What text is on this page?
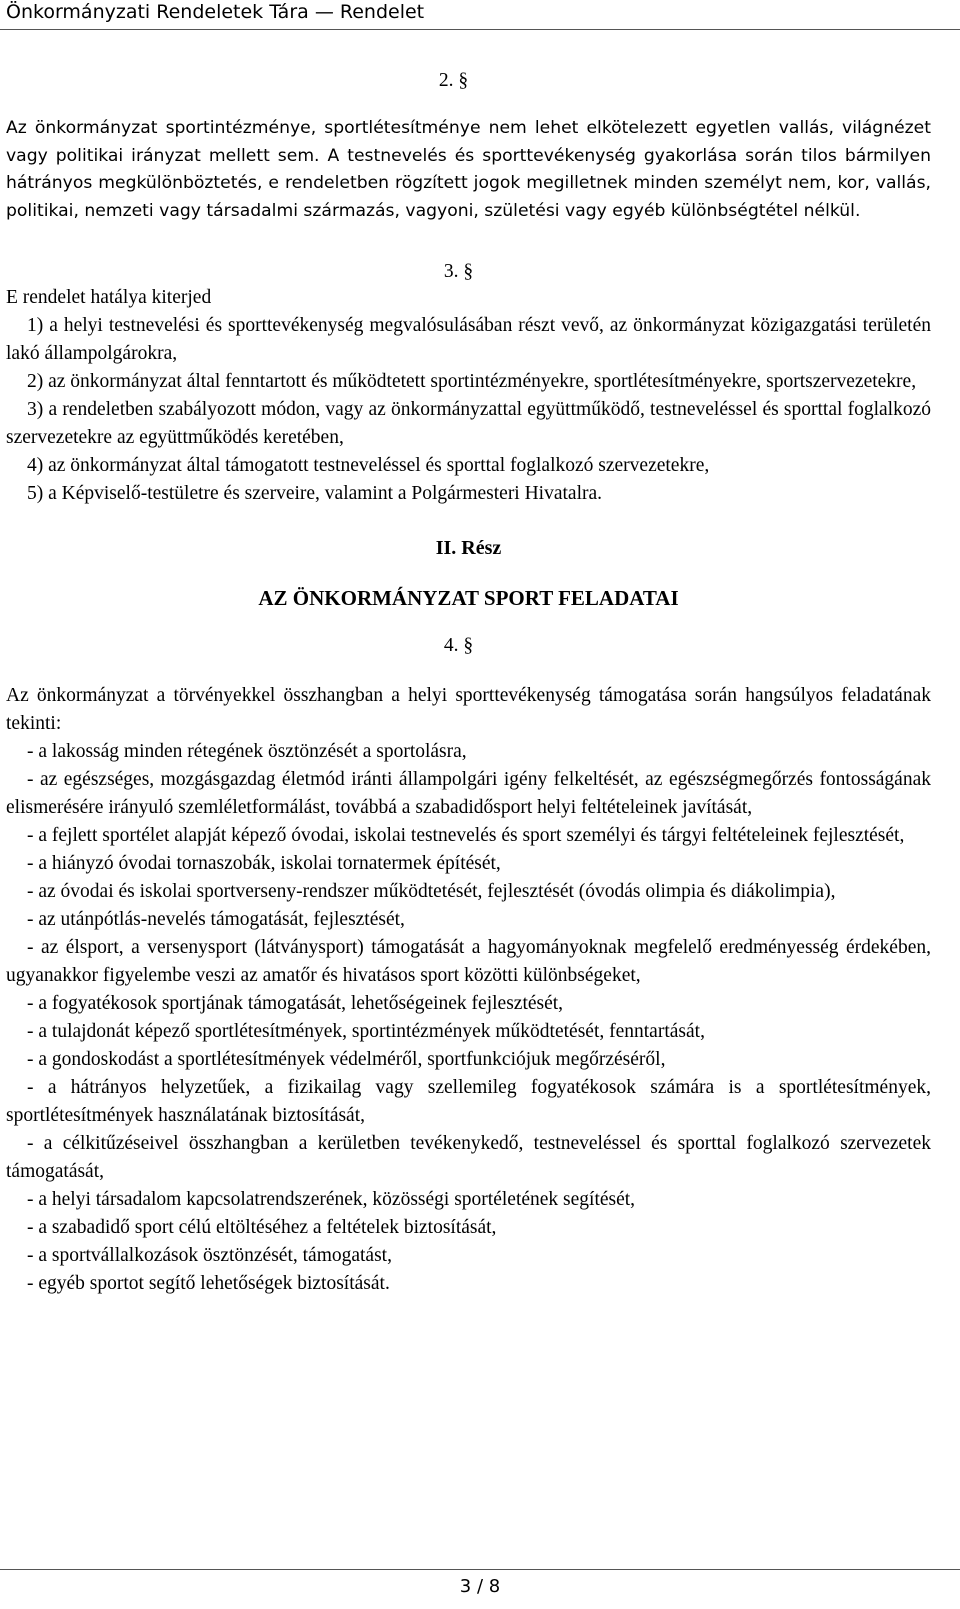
Önkormányzati Rendeletek Tára — Rendelet

2. §

Az önkormányzat sportintézménye, sportlétesítménye nem lehet elkötelezett egyetlen vallás, világnézet vagy politikai irányzat mellett sem. A testnevelés és sporttevékenység gyakorlása során tilos bármilyen hátrányos megkülönböztetés, e rendeletben rögzített jogok megilletnek minden személyt nem, kor, vallás, politikai, nemzeti vagy társadalmi származás, vagyoni, születési vagy egyéb különbségtétel nélkül.

3. §

E rendelet hatálya kiterjed

1) a helyi testnevelési és sporttevékenység megvalósulásában részt vevő, az önkormányzat közigazgatási területén lakó állampolgárokra,

2) az önkormányzat által fenntartott és működtetett sportintézményekre, sportlétesítményekre, sportszervezetekre,

3) a rendeletben szabályozott módon, vagy az önkormányzattal együttműködő, testneveléssel és sporttal foglalkozó szervezetekre az együttműködés keretében,

4) az önkormányzat által támogatott testneveléssel és sporttal foglalkozó szervezetekre,

5) a Képviselő-testületre és szerveire, valamint a Polgármesteri Hivatalra.

II. Rész

AZ ÖNKORMÁNYZAT SPORT FELADATAI

4. §

Az önkormányzat a törvényekkel összhangban a helyi sporttevékenység támogatása során hangsúlyos feladatának tekinti:

- a lakosság minden rétegének ösztönzését a sportolásra,

- az egészséges, mozgásgazdag életmód iránti állampolgári igény felkeltését, az egészségmegőrzés fontosságának elismerésére irányuló szemléletformálást, továbbá a szabadidősport helyi feltételeinek javítását,

- a fejlett sportélet alapját képező óvodai, iskolai testnevelés és sport személyi és tárgyi feltételeinek fejlesztését,

- a hiányzó óvodai tornaszobák, iskolai tornatermek építését,

- az óvodai és iskolai sportverseny-rendszer működtetését, fejlesztését (óvodás olimpia és diákolimpia),

- az utánpótlás-nevelés támogatását, fejlesztését,

- az élsport, a versenysport (látványsport) támogatását a hagyományoknak megfelelő eredményesség érdekében, ugyanakkor figyelembe veszi az amatőr és hivatásos sport közötti különbségeket,

- a fogyatékosok sportjának támogatását, lehetőségeinek fejlesztését,

- a tulajdonát képező sportlétesítmények, sportintézmények működtetését, fenntartását,

- a gondoskodást a sportlétesítmények védelméről, sportfunkciójuk megőrzéséről,

- a hátrányos helyzetűek, a fizikailag vagy szellemileg fogyatékosok számára is a sportlétesítmények, sportlétesítmények használatának biztosítását,

- a célkitűzéseivel összhangban a kerületben tevékenykedő, testneveléssel és sporttal foglalkozó szervezetek támogatását,

- a helyi társadalom kapcsolatrendszerének, közösségi sportéletének segítését,

- a szabadidő sport célú eltöltéséhez a feltételek biztosítását,

- a sportvállalkozások ösztönzését, támogatást,

- egyéb sportot segítő lehetőségek biztosítását.

3 / 8
